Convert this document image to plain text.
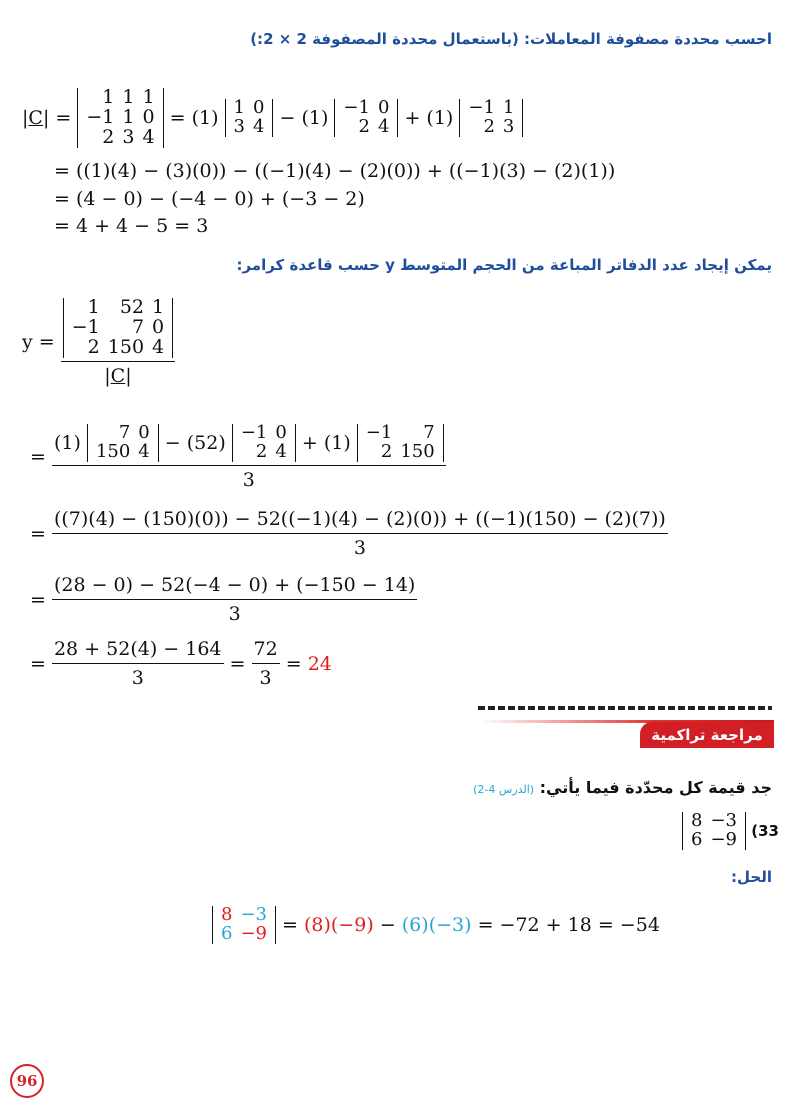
احسب محددة مصفوفة المعاملات: (باستعمال محددة المصفوفة 2 × 2:)
|C| =
1	1	1
−1	1	0
2	3	4
= (1)
1	0
3	4 − (1)
−1	0
2	4 + (1)
−1	1
2	3
= ((1)(4) − (3)(0)) − ((−1)(4) − (2)(0)) + ((−1)(3) − (2)(1))
= (4 − 0) − (−4 − 0) + (−3 − 2)
= 4 + 4 − 5 = 3
يمكن إيجاد عدد الدفاتر المباعة من الحجم المتوسط y حسب قاعدة كرامر:
y =
1	52	1
−1	7	0
2	150	4
|C|
=
(1)
7	0
150	4
− (52)
−1	0
2	4
+ (1)
−1	7
2	150
3
=
((7)(4) − (150)(0)) − 52((−1)(4) − (2)(0)) + ((−1)(150) − (2)(7))
3
= $\frac{(28 - 0) - 52(-4 - 0) + (-150 - 14)}{3}$
= $\frac{28 + 52(4) - 164}{3} = \frac{72}{3} = 24$
مراجعة تراكمية
جد قيمة كل محدّدة فيما يأتي: (الدرس 4-2)
8	−3
6	−9 (33
الحل:
8	−3
6	−9 = (8) (−9) − (6) (−3)
= −72 + 18 = −54
96
